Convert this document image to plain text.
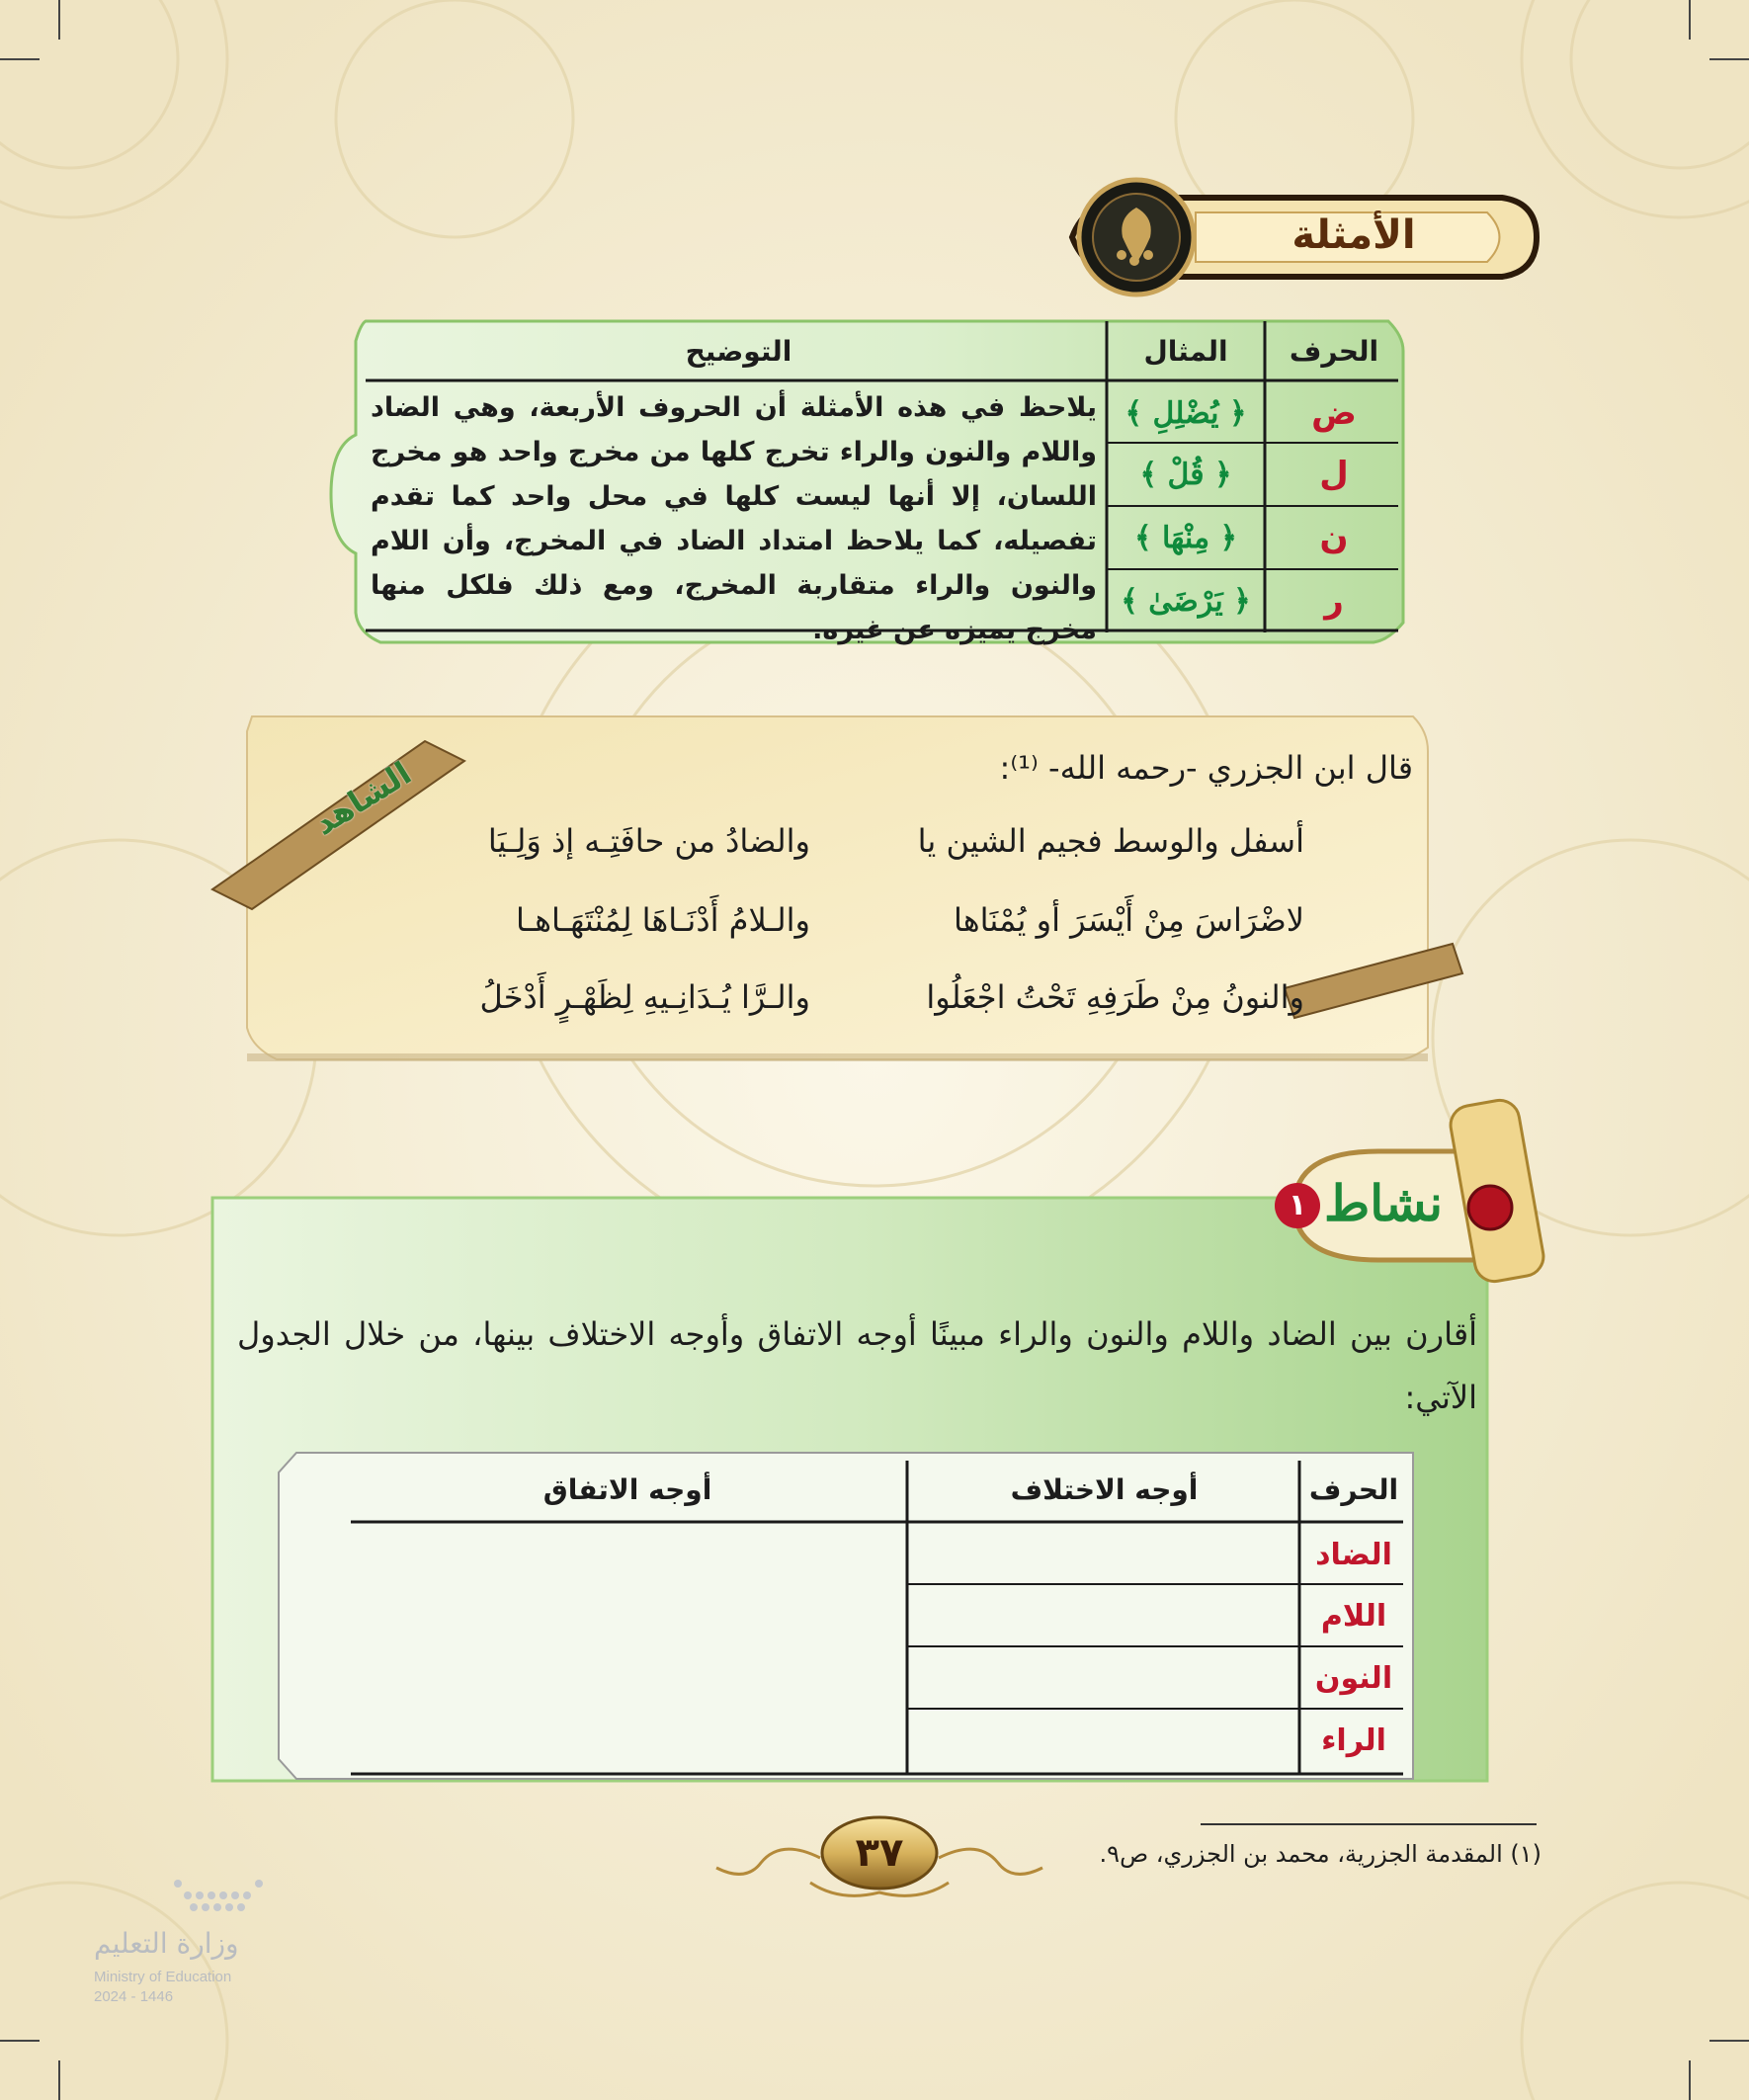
الأمثلة
الحرف
المثال
التوضيح
ض
ل
ن
ر
﴿ يُضْلِلِ ﴾
﴿ قُلْ ﴾
﴿ مِنْهَا ﴾
﴿ يَرْضَىٰ ﴾
يلاحظ في هذه الأمثلة أن الحروف الأربعة، وهي الضاد واللام والنون والراء تخرج كلها من مخرج واحد هو مخرج اللسان، إلا أنها ليست كلها في محل واحد كما تقدم تفصيله، كما يلاحظ امتداد الضاد في المخرج، وأن اللام والنون والراء متقاربة المخرج، ومع ذلك فلكل منها مخرج يميزه عن غيره.
الشاهد	قال ابن الجزري -رحمه الله- ⁽¹⁾:
أسفل والوسط فجيم الشين يا
والضادُ من حافَتِـه إذ وَلِـيَا
لاضْرَاسَ مِنْ أَيْسَرَ أو يُمْنَاها
والـلامُ أَدْنَـاهَا لِمُنْتَهَـاهـا
والنونُ مِنْ طَرَفِهِ تَحْتُ اجْعَلُوا
والـرَّا يُـدَانِـيهِ لِظَهْـرٍ أَدْخَلُ
نشاط
١
أقارن بين الضاد واللام والنون والراء مبينًا أوجه الاتفاق وأوجه الاختلاف بينها، من خلال الجدول الآتي:
الحرف
أوجه الاختلاف
أوجه الاتفاق
الضاد
اللام
النون
الراء
(١) المقدمة الجزرية، محمد بن الجزري، ص٩.
٣٧
وزارة التعليم
Ministry of Education
2024 - 1446
